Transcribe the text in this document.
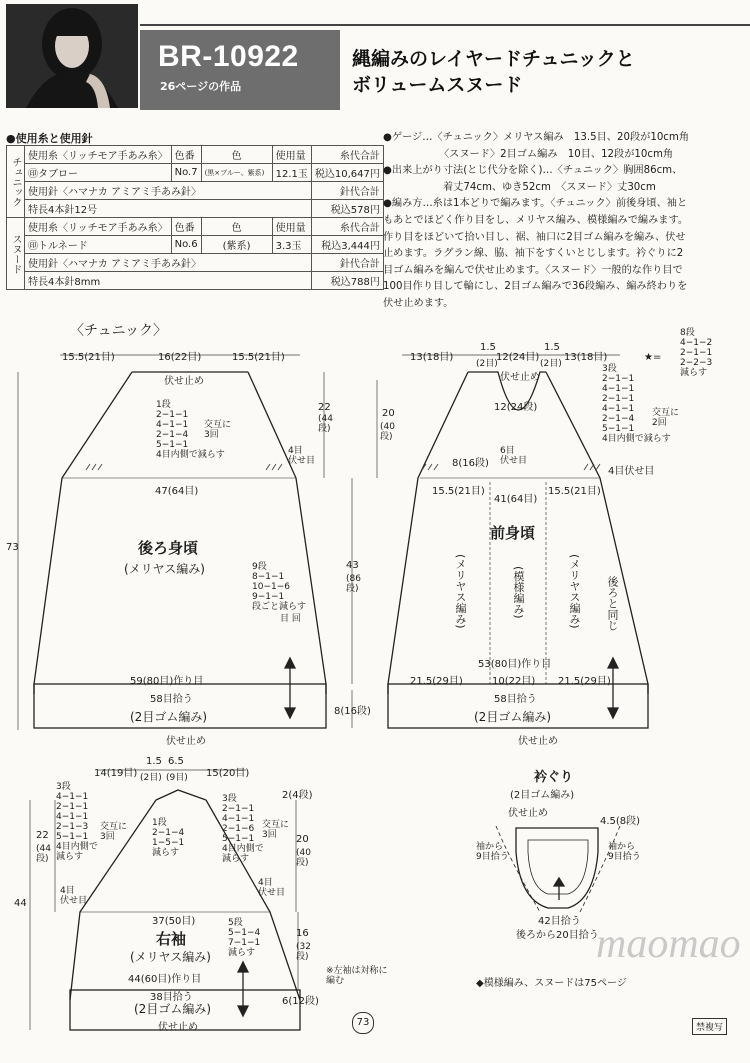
BR-10922
26ページの作品
縄編みのレイヤードチュニックと
ボリュームスヌード
●使用糸と使用針
チュニック	使用糸〈リッチモア手あみ糸〉	色番	色	使用量	糸代合計
	㊞タブロー	No.7	(黒×ブルー、紫系)	12.1玉	税込10,647円
	使用針〈ハマナカ アミアミ手あみ針〉				針代合計
	特長4本針12号				税込578円
スヌード	使用糸〈リッチモア手あみ糸〉	色番	色	使用量	糸代合計
	㊞トルネード	No.6	(紫系)	3.3玉	税込3,444円
	使用針〈ハマナカ アミアミ手あみ針〉				針代合計
	特長4本針8mm				税込788円
●ゲージ…〈チュニック〉メリヤス編み　13.5目、20段が10cm角
〈スヌード〉2目ゴム編み　10目、12段が10cm角
●出来上がり寸法(とじ代分を除く)…〈チュニック〉胸囲86cm、
着丈74cm、ゆき52cm　〈スヌード〉丈30cm
●編み方…糸は1本どりで編みます。〈チュニック〉前後身頃、袖と
もあとでほどく作り目をし、メリヤス編み、模様編みで編みます。
作り目をほどいて拾い目し、裾、袖口に2目ゴム編みを編み、伏せ
止めます。ラグラン線、脇、袖下をすくいとじします。衿ぐりに2
目ゴム編みを編んで伏せ止めます。〈スヌード〉一般的な作り目で
100目作り目して輪にし、2目ゴム編みで36段編み、編み終わりを
伏せ止めます。
〈チュニック〉
15.5(21目)	16(22目)	15.5(21目)
伏せ止め
1段
2−1−1
4−1−1
2−1−4
5−1−1
4目内側で減らす
交互に
3回
22
(44
段)
4目
伏せ目
47(64目)
後ろ身頃
(メリヤス編み)	9段
8−1−1
10−1−6
9−1−1
段ごと減らす
目 回
73
43
(86
段)
59(80目)作り目
58目拾う
(2目ゴム編み)	8(16段)
伏せ止め
13(18目)
1.5
(2目)
12(24目)
1.5
(2目)
13(18目)
8段
4−1−2
2−1−1
2−2−3
減らす
★=
伏せ止め
20
(40
段)
12(24段)
6目
伏せ目
8(16段)
3段
2−1−1
4−1−1
2−1−1
4−1−1
2−1−4
5−1−1
4目内側で減らす
交互に
2回
4目伏せ目
15.5(21目)
41(64目)
15.5(21目)
前身頃
(メリヤス編み)	(模様編み)	(メリヤス編み) 後ろと同じ
53(80目)作り目
21.5(29目)	10(22目) 21.5(29目)
58目拾う
(2目ゴム編み)
伏せ止め
14(19目)
1.5 6.5
(2目) (9目) 15(20目)
2(4段)
3段
4−1−1
2−1−1
4−1−1
2−1−3
5−1−1
4目内側で
減らす
交互に
3回
22
(44
段)
4目
伏せ目
1段
2−1−4
1−5−1
減らす
3段
2−1−1
4−1−1
2−1−6
5−1−1
4目内側で
減らす
交互に
3回	20
(40
段)
4目
伏せ目
44
37(50目)
右袖
(メリヤス編み)
5段
5−1−4
7−1−1
減らす
16
(32
段)
44(60目)作り目
38目拾う
(2目ゴム編み)
6(12段)
伏せ止め
※左袖は対称に
編む
衿ぐり
(2目ゴム編み)
伏せ止め
4.5(8段)
袖から
9目拾う
袖から
9目拾う
42目拾う
後ろから20目拾う
◆模様編み、スヌードは75ページ
maomao
73	禁複写
